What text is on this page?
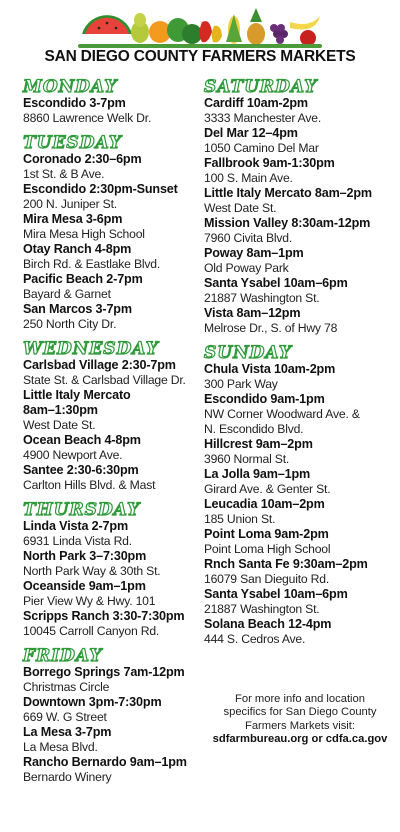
SAN DIEGO COUNTY FARMERS MARKETS
MONDAY
Escondido 3-7pm
8860 Lawrence Welk Dr.
TUESDAY
Coronado 2:30–6pm
1st St. & B Ave.
Escondido 2:30pm-Sunset
200 N. Juniper St.
Mira Mesa 3-6pm
Mira Mesa High School
Otay Ranch 4-8pm
Birch Rd. & Eastlake Blvd.
Pacific Beach 2-7pm
Bayard & Garnet
San Marcos 3-7pm
250 North City Dr.
WEDNESDAY
Carlsbad Village 2:30-7pm
State St. & Carlsbad Village Dr.
Little Italy Mercato
8am–1:30pm
West Date St.
Ocean Beach 4-8pm
4900 Newport Ave.
Santee 2:30-6:30pm
Carlton Hills Blvd. & Mast
THURSDAY
Linda Vista 2-7pm
6931 Linda Vista Rd.
North Park 3–7:30pm
North Park Way & 30th St.
Oceanside 9am–1pm
Pier View Wy & Hwy. 101
Scripps Ranch 3:30-7:30pm
10045 Carroll Canyon Rd.
FRIDAY
Borrego Springs 7am-12pm
Christmas Circle
Downtown 3pm-7:30pm
669 W. G Street
La Mesa 3-7pm
La Mesa Blvd.
Rancho Bernardo 9am–1pm
Bernardo Winery
SATURDAY
Cardiff 10am-2pm
3333 Manchester Ave.
Del Mar 12–4pm
1050 Camino Del Mar
Fallbrook 9am-1:30pm
100 S. Main Ave.
Little Italy Mercato 8am–2pm
West Date St.
Mission Valley 8:30am-12pm
7960 Civita Blvd.
Poway 8am–1pm
Old Poway Park
Santa Ysabel 10am–6pm
21887 Washington St.
Vista 8am–12pm
Melrose Dr., S. of Hwy 78
SUNDAY
Chula Vista 10am-2pm
300 Park Way
Escondido 9am-1pm
NW Corner Woodward Ave. &
N. Escondido Blvd.
Hillcrest 9am–2pm
3960 Normal St.
La Jolla 9am–1pm
Girard Ave. & Genter St.
Leucadia 10am–2pm
185 Union St.
Point Loma 9am-2pm
Point Loma High School
Rnch Santa Fe 9:30am–2pm
16079 San Dieguito Rd.
Santa Ysabel 10am–6pm
21887 Washington St.
Solana Beach 12-4pm
444 S. Cedros Ave.
For more info and location
specifics for San Diego County
Farmers Markets visit:
sdfarmbureau.org or cdfa.ca.gov
